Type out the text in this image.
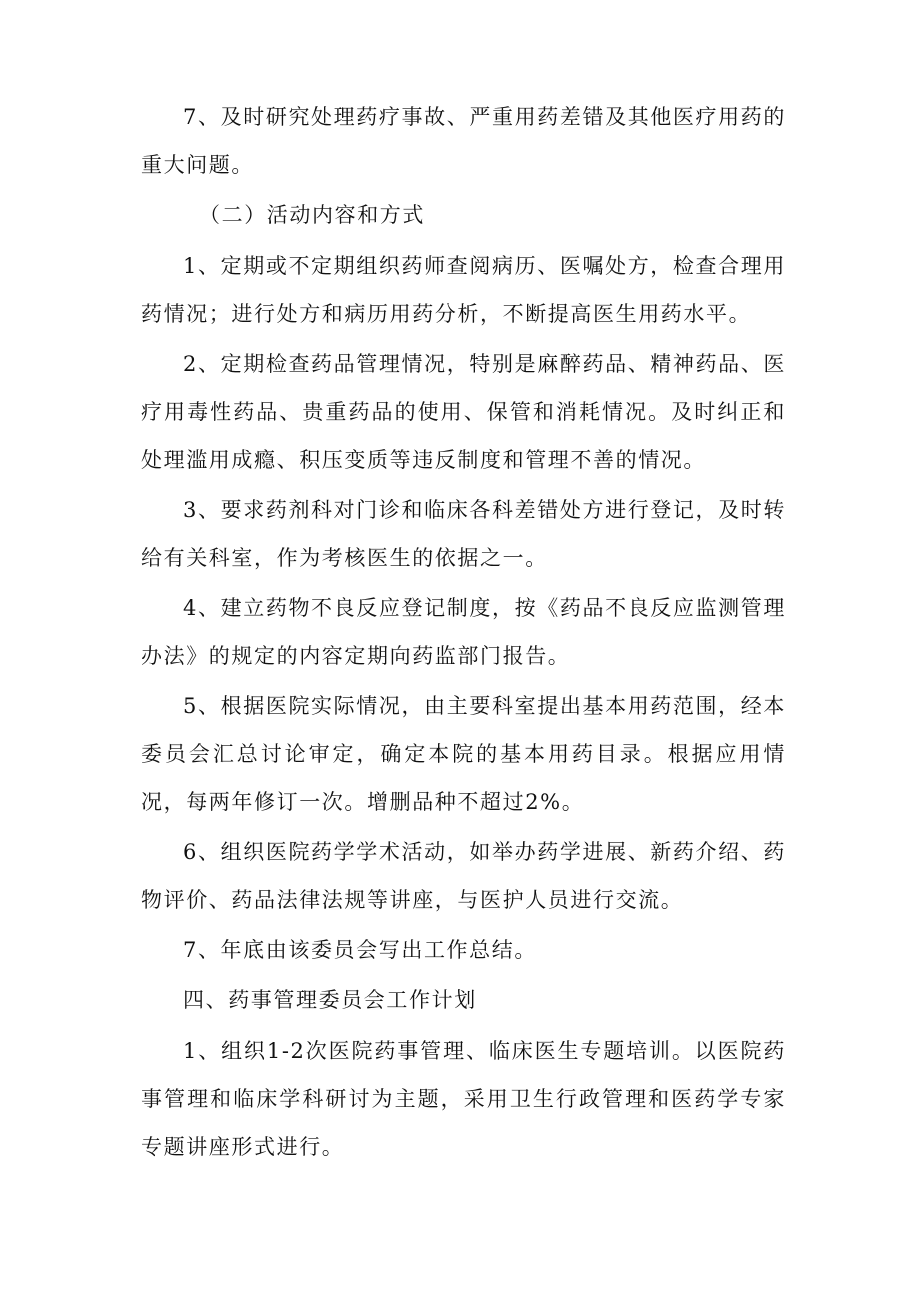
7、及时研究处理药疗事故、严重用药差错及其他医疗用药的重大问题。

（二）活动内容和方式

1、定期或不定期组织药师查阅病历、医嘱处方，检查合理用药情况；进行处方和病历用药分析，不断提高医生用药水平。

2、定期检查药品管理情况，特别是麻醉药品、精神药品、医疗用毒性药品、贵重药品的使用、保管和消耗情况。及时纠正和处理滥用成瘾、积压变质等违反制度和管理不善的情况。

3、要求药剂科对门诊和临床各科差错处方进行登记，及时转给有关科室，作为考核医生的依据之一。

4、建立药物不良反应登记制度，按《药品不良反应监测管理办法》的规定的内容定期向药监部门报告。

5、根据医院实际情况，由主要科室提出基本用药范围，经本委员会汇总讨论审定，确定本院的基本用药目录。根据应用情况，每两年修订一次。增删品种不超过2%。

6、组织医院药学学术活动，如举办药学进展、新药介绍、药物评价、药品法律法规等讲座，与医护人员进行交流。

7、年底由该委员会写出工作总结。

四、药事管理委员会工作计划

1、组织1-2次医院药事管理、临床医生专题培训。以医院药事管理和临床学科研讨为主题，采用卫生行政管理和医药学专家专题讲座形式进行。
